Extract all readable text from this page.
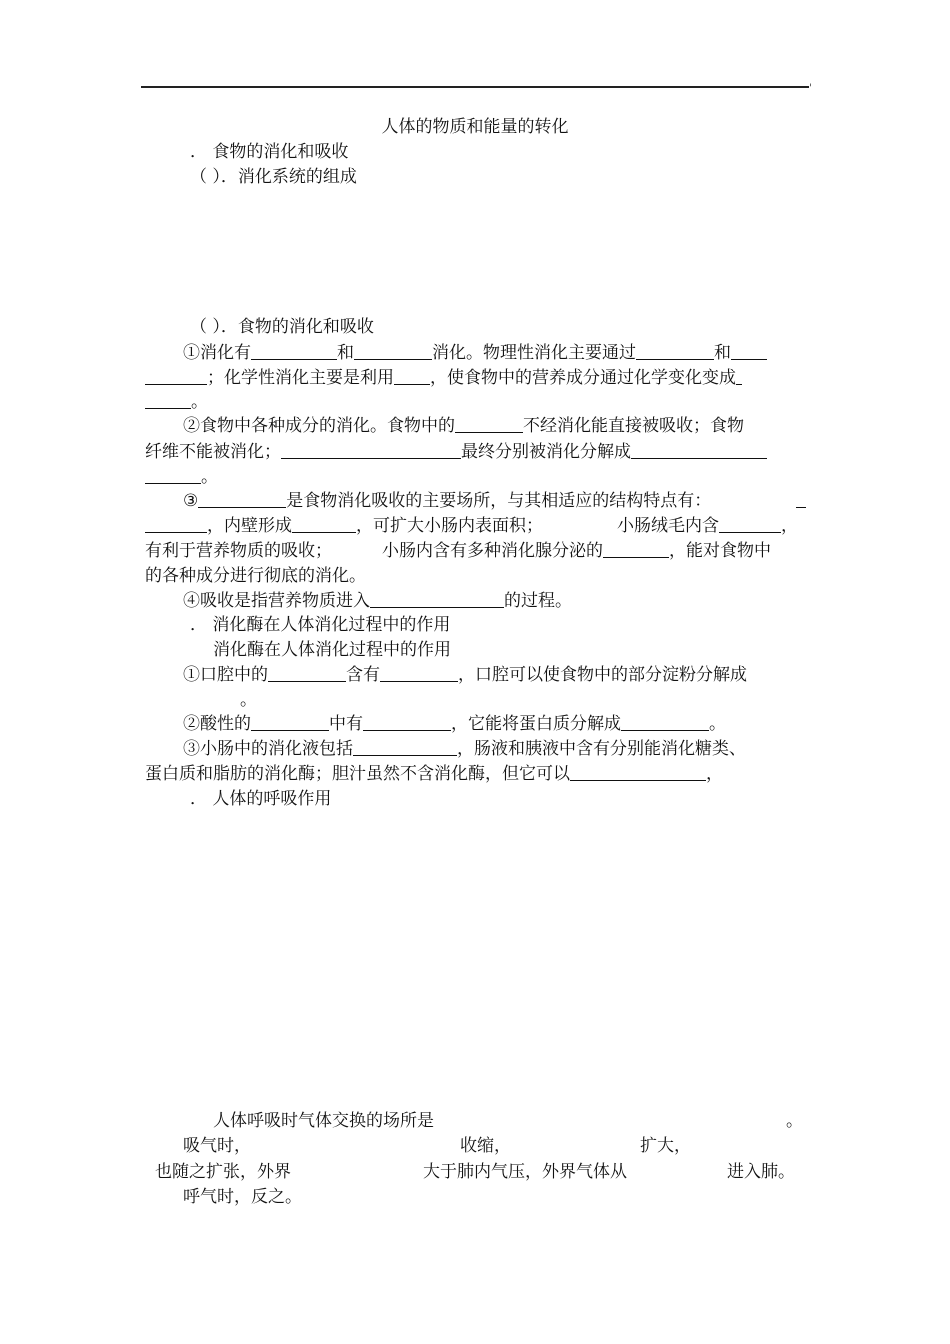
'
人体的物质和能量的转化
． 食物的消化和吸收
（ ）．消化系统的组成
（ ）．食物的消化和吸收
①消化有	和	消化。物理性消化主要通过	和
；化学性消化主要是利用 ，使食物中的营养成分通过化学变化变成
。
②食物中各种成分的消化。食物中的	不经消化能直接被吸收；食物
纤维不能被消化；	最终分别被消化分解成
。
③	是食物消化吸收的主要场所，与其相适应的结构特点有：
，内壁形成	，可扩大小肠内表面积；	小肠绒毛内含	，
有利于营养物质的吸收；	小肠内含有多种消化腺分泌的	，能对食物中
的各种成分进行彻底的消化。
④吸收是指营养物质进入	的过程。
． 消化酶在人体消化过程中的作用
消化酶在人体消化过程中的作用
①口腔中的	含有	，口腔可以使食物中的部分淀粉分解成
。
②酸性的	中有	，它能将蛋白质分解成	。
③小肠中的消化液包括	，肠液和胰液中含有分别能消化糖类、
蛋白质和脂肪的消化酶；胆汁虽然不含消化酶，但它可以	，
． 人体的呼吸作用
人体呼吸时气体交换的场所是	。
吸气时，	收缩，	扩大，
也随之扩张，外界	大于肺内气压，外界气体从	进入肺。
呼气时，反之。
